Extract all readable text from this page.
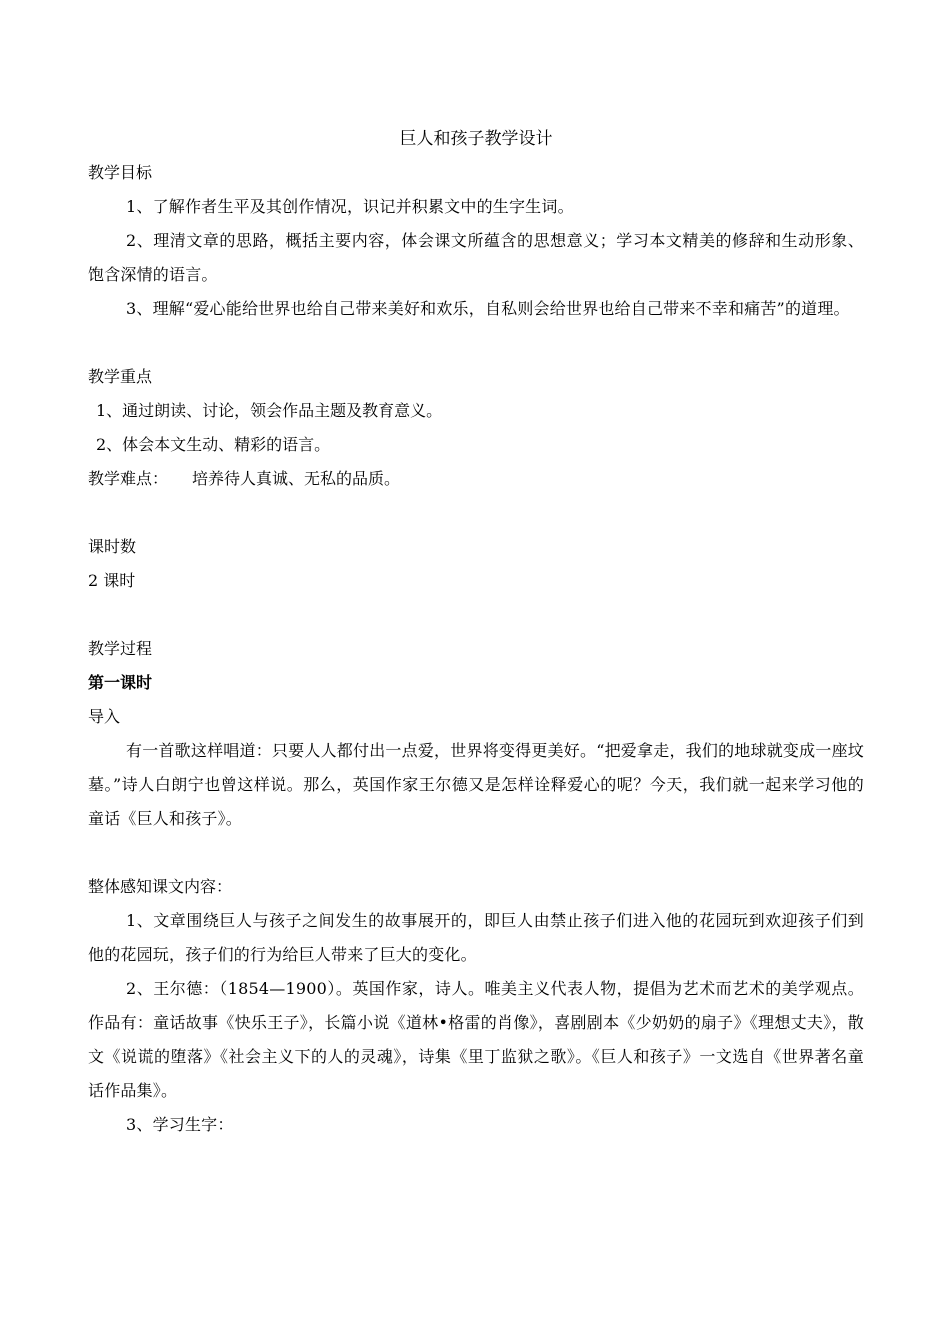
巨人和孩子教学设计

教学目标

1、了解作者生平及其创作情况，识记并积累文中的生字生词。

2、理清文章的思路，概括主要内容，体会课文所蕴含的思想意义；学习本文精美的修辞和生动形象、饱含深情的语言。

3、理解“爱心能给世界也给自己带来美好和欢乐，自私则会给世界也给自己带来不幸和痛苦”的道理。

教学重点

1、通过朗读、讨论，领会作品主题及教育意义。

2、体会本文生动、精彩的语言。

教学难点： 培养待人真诚、无私的品质。

课时数

2 课时

教学过程

第一课时

导入

有一首歌这样唱道：只要人人都付出一点爱，世界将变得更美好。“把爱拿走，我们的地球就变成一座坟墓。”诗人白朗宁也曾这样说。那么，英国作家王尔德又是怎样诠释爱心的呢？今天，我们就一起来学习他的童话《巨人和孩子》。

整体感知课文内容：

1、文章围绕巨人与孩子之间发生的故事展开的，即巨人由禁止孩子们进入他的花园玩到欢迎孩子们到他的花园玩，孩子们的行为给巨人带来了巨大的变化。

2、王尔德：（1854—1900）。英国作家，诗人。唯美主义代表人物，提倡为艺术而艺术的美学观点。作品有：童话故事《快乐王子》，长篇小说《道林•格雷的肖像》，喜剧剧本《少奶奶的扇子》《理想丈夫》，散文《说谎的堕落》《社会主义下的人的灵魂》，诗集《里丁监狱之歌》。《巨人和孩子》一文选自《世界著名童话作品集》。

3、学习生字：
